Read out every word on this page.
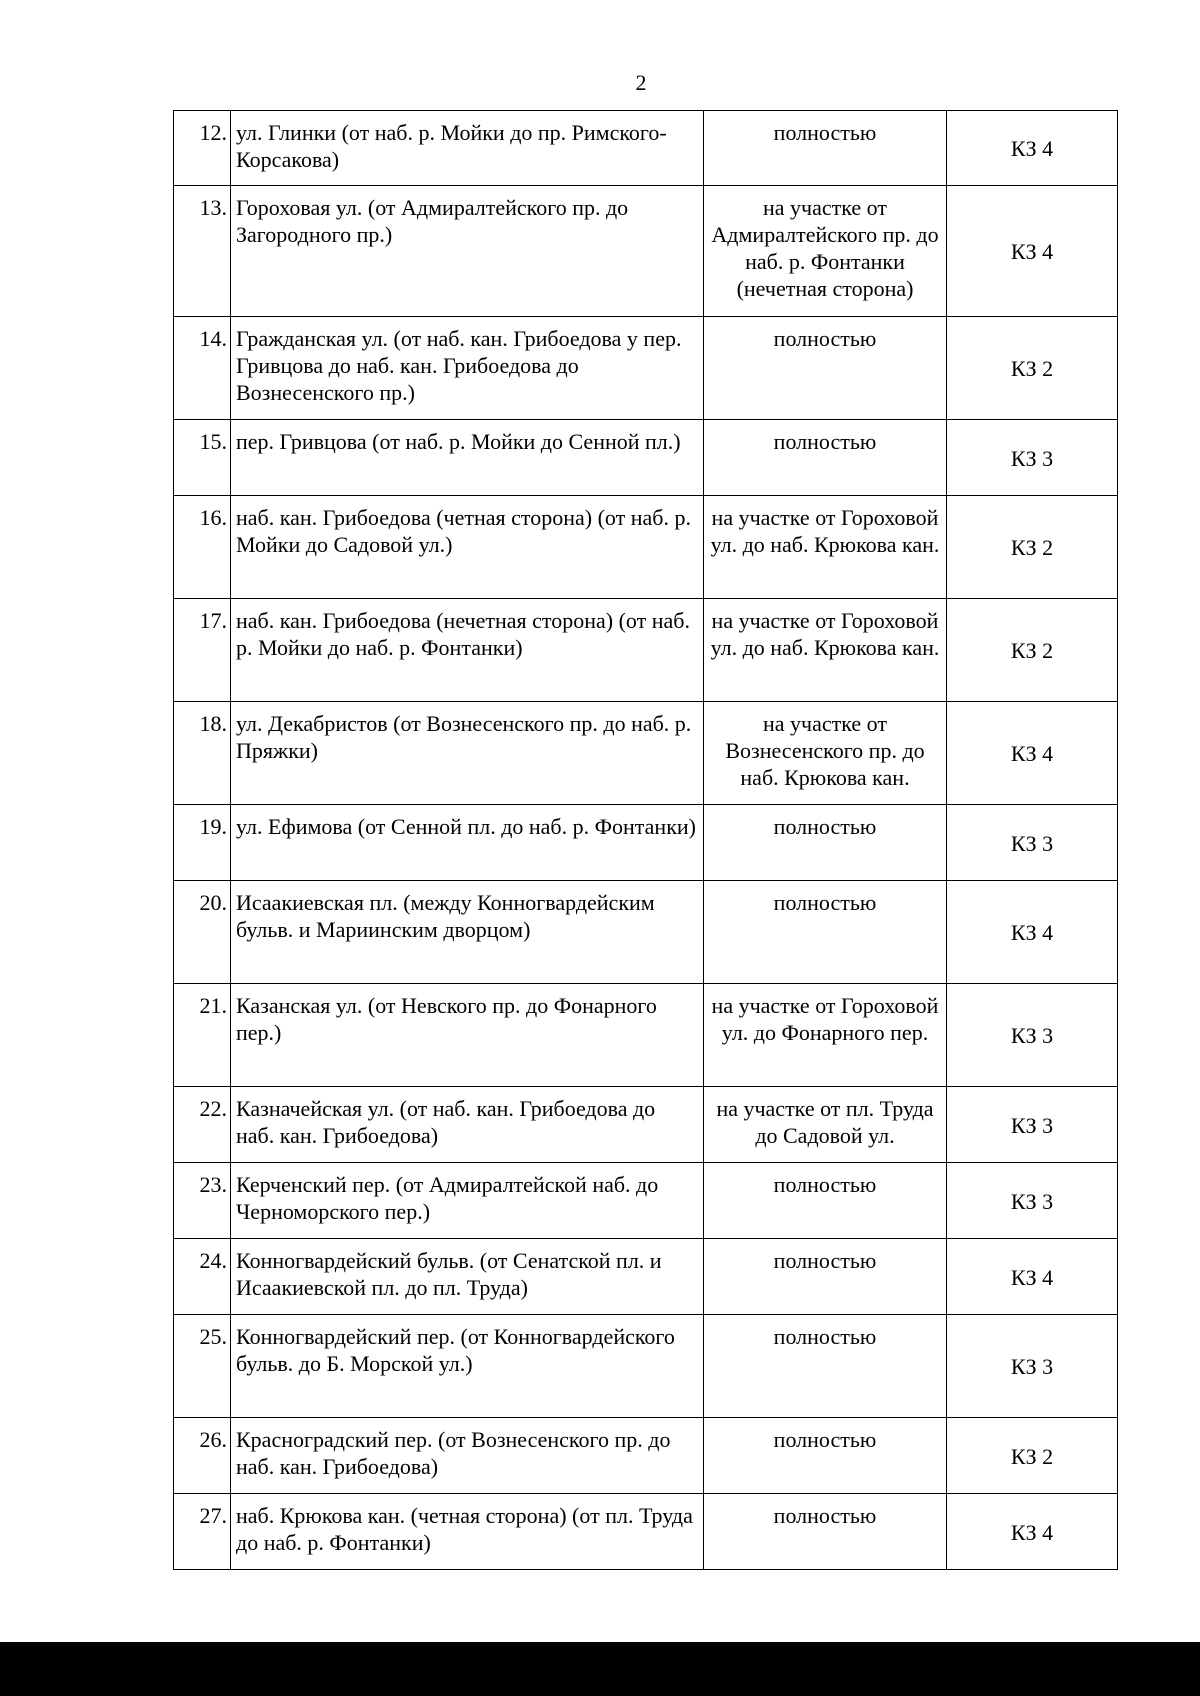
2
12.	ул. Глинки (от наб. р. Мойки до пр. Римского-Корсакова)	полностью	КЗ 4
13.	Гороховая ул. (от Адмиралтейского пр. до Загородного пр.)	на участке от Адмиралтейского пр. до наб. р. Фонтанки (нечетная сторона)	КЗ 4
14.	Гражданская ул. (от наб. кан. Грибоедова у пер. Гривцова до наб. кан. Грибоедова до Вознесенского пр.)	полностью	КЗ 2
15.	пер. Гривцова (от наб. р. Мойки до Сенной пл.)	полностью	КЗ 3
16.	наб. кан. Грибоедова (четная сторона) (от наб. р. Мойки до Садовой ул.)	на участке от Гороховой ул. до наб. Крюкова кан.	КЗ 2
17.	наб. кан. Грибоедова (нечетная сторона) (от наб. р. Мойки до наб. р. Фонтанки)	на участке от Гороховой ул. до наб. Крюкова кан.	КЗ 2
18.	ул. Декабристов (от Вознесенского пр. до наб. р. Пряжки)	на участке от Вознесенского пр. до наб. Крюкова кан.	КЗ 4
19.	ул. Ефимова (от Сенной пл. до наб. р. Фонтанки)	полностью	КЗ 3
20.	Исаакиевская пл. (между Конногвардейским бульв. и Мариинским дворцом)	полностью	КЗ 4
21.	Казанская ул. (от Невского пр. до Фонарного пер.)	на участке от Гороховой ул. до Фонарного пер.	КЗ 3
22.	Казначейская ул. (от наб. кан. Грибоедова до наб. кан. Грибоедова)	на участке от пл. Труда до Садовой ул.	КЗ 3
23.	Керченский пер. (от Адмиралтейской наб. до Черноморского пер.)	полностью	КЗ 3
24.	Конногвардейский бульв. (от Сенатской пл. и Исаакиевской пл. до пл. Труда)	полностью	КЗ 4
25.	Конногвардейский пер. (от Конногвардейского бульв. до Б. Морской ул.)	полностью	КЗ 3
26.	Красноградский пер. (от Вознесенского пр. до наб. кан. Грибоедова)	полностью	КЗ 2
27.	наб. Крюкова кан. (четная сторона) (от пл. Труда до наб. р. Фонтанки)	полностью	КЗ 4
